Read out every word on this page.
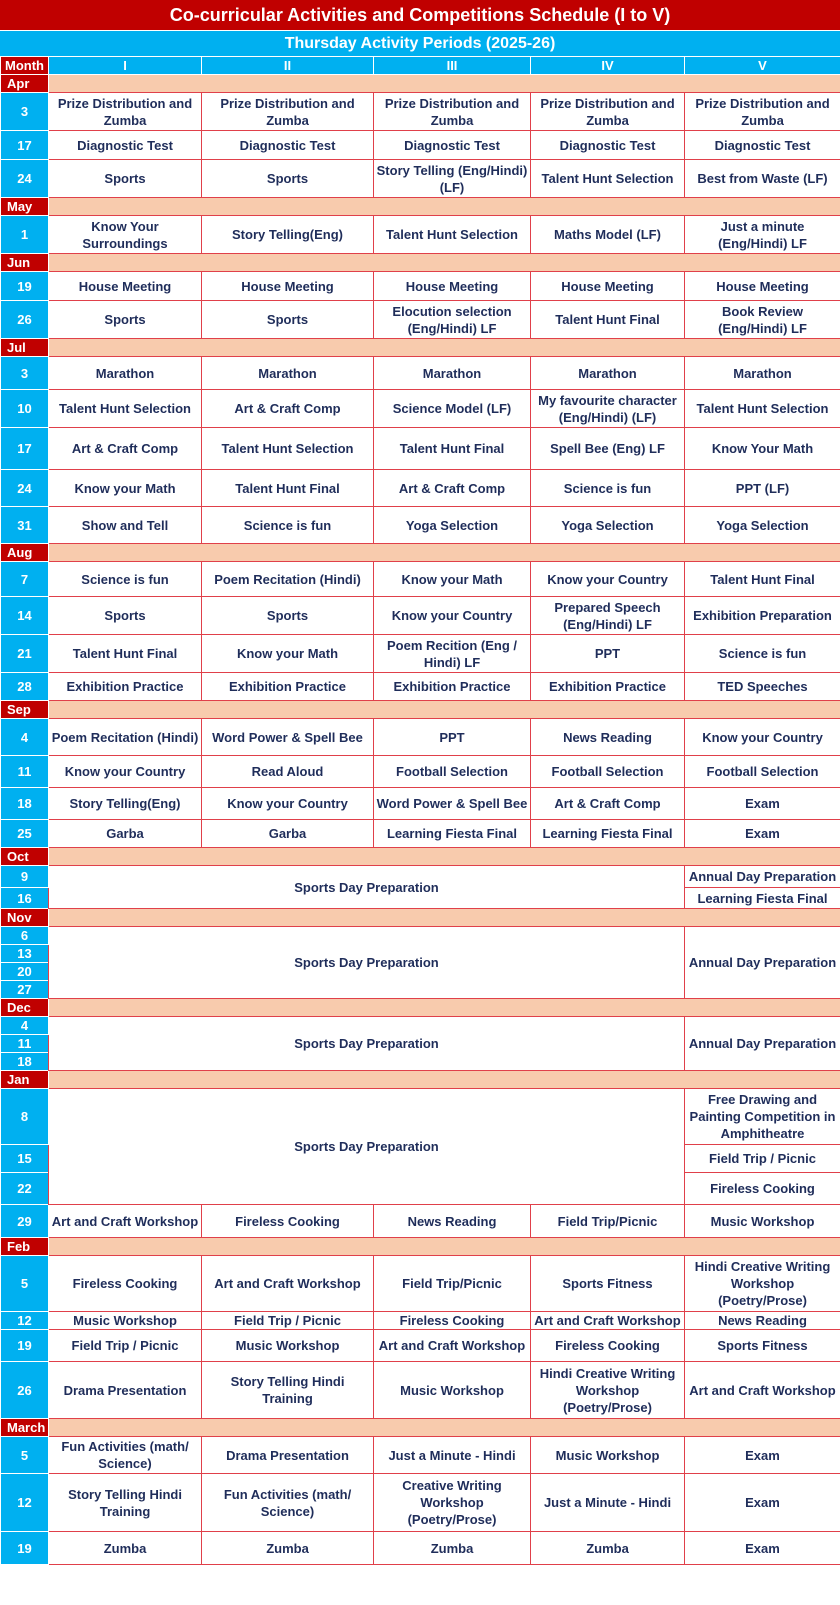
Co-curricular Activities and Competitions Schedule (I to V)
Thursday Activity Periods (2025-26)
Month	I	II	III	IV	V
Apr					
3	Prize Distribution and Zumba	Prize Distribution and Zumba	Prize Distribution and Zumba	Prize Distribution and Zumba	Prize Distribution and Zumba
17	Diagnostic Test	Diagnostic Test	Diagnostic Test	Diagnostic Test	Diagnostic Test
24	Sports	Sports	Story Telling (Eng/Hindi) (LF)	Talent Hunt Selection	Best from Waste (LF)
May					
1	Know Your Surroundings	Story Telling(Eng)	Talent Hunt Selection	Maths Model (LF)	Just a minute (Eng/Hindi) LF
Jun					
19	House Meeting	House Meeting	House Meeting	House Meeting	House Meeting
26	Sports	Sports	Elocution selection (Eng/Hindi) LF	Talent Hunt Final	Book Review (Eng/Hindi) LF
Jul					
3	Marathon	Marathon	Marathon	Marathon	Marathon
10	Talent Hunt Selection	Art & Craft Comp	Science Model (LF)	My favourite character (Eng/Hindi) (LF)	Talent Hunt Selection
17	Art & Craft Comp	Talent Hunt Selection	Talent Hunt Final	Spell Bee (Eng) LF	Know Your Math
24	Know your Math	Talent Hunt Final	Art & Craft Comp	Science is fun	PPT (LF)
31	Show and Tell	Science is fun	Yoga Selection	Yoga Selection	Yoga Selection
Aug					
7	Science is fun	Poem Recitation (Hindi)	Know your Math	Know your Country	Talent Hunt Final
14	Sports	Sports	Know your Country	Prepared Speech (Eng/Hindi) LF	Exhibition Preparation
21	Talent Hunt Final	Know your Math	Poem Recition (Eng / Hindi) LF	PPT	Science is fun
28	Exhibition Practice	Exhibition Practice	Exhibition Practice	Exhibition Practice	TED Speeches
Sep					
4	Poem Recitation (Hindi)	Word Power & Spell Bee	PPT	News Reading	Know your Country
11	Know your Country	Read Aloud	Football Selection	Football Selection	Football Selection
18	Story Telling(Eng)	Know your Country	Word Power & Spell Bee	Art & Craft Comp	Exam
25	Garba	Garba	Learning Fiesta Final	Learning Fiesta Final	Exam
Oct					
9	Sports Day Preparation				Annual Day Preparation
16					Learning Fiesta Final
Nov					
6	Sports Day Preparation				Annual Day Preparation
13					
20					
27					
Dec					
4	Sports Day Preparation				Annual Day Preparation
11					
18					
Jan					
8	Sports Day Preparation				Free Drawing and Painting Competition in Amphitheatre
15					Field Trip / Picnic
22					Fireless Cooking
29	Art and Craft Workshop	Fireless Cooking	News Reading	Field Trip/Picnic	Music Workshop
Feb					
5	Fireless Cooking	Art and Craft Workshop	Field Trip/Picnic	Sports Fitness	Hindi Creative Writing Workshop (Poetry/Prose)
12	Music Workshop	Field Trip / Picnic	Fireless Cooking	Art and Craft Workshop	News Reading
19	Field Trip / Picnic	Music Workshop	Art and Craft Workshop	Fireless Cooking	Sports Fitness
26	Drama Presentation	Story Telling Hindi Training	Music Workshop	Hindi Creative Writing Workshop (Poetry/Prose)	Art and Craft Workshop
March					
5	Fun Activities (math/ Science)	Drama Presentation	Just a Minute - Hindi	Music Workshop	Exam
12	Story Telling Hindi Training	Fun Activities (math/ Science)	Creative Writing Workshop (Poetry/Prose)	Just a Minute - Hindi	Exam
19	Zumba	Zumba	Zumba	Zumba	Exam
